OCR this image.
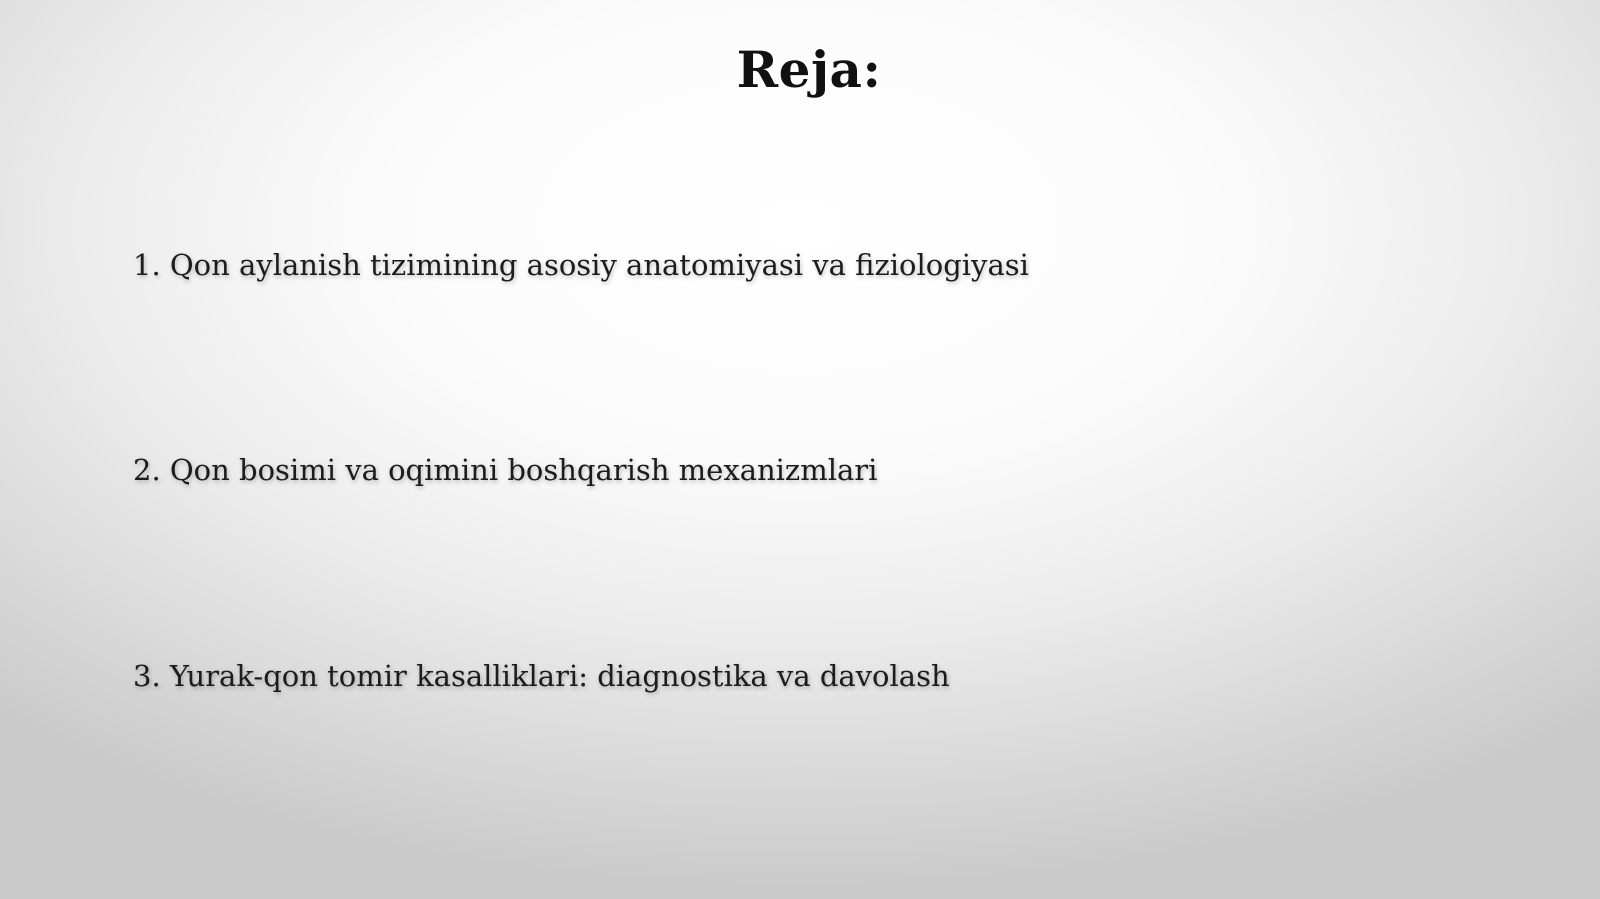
Reja:
1. Qon aylanish tizimining asosiy anatomiyasi va fiziologiyasi
2. Qon bosimi va oqimini boshqarish mexanizmlari
3. Yurak-qon tomir kasalliklari: diagnostika va davolash
